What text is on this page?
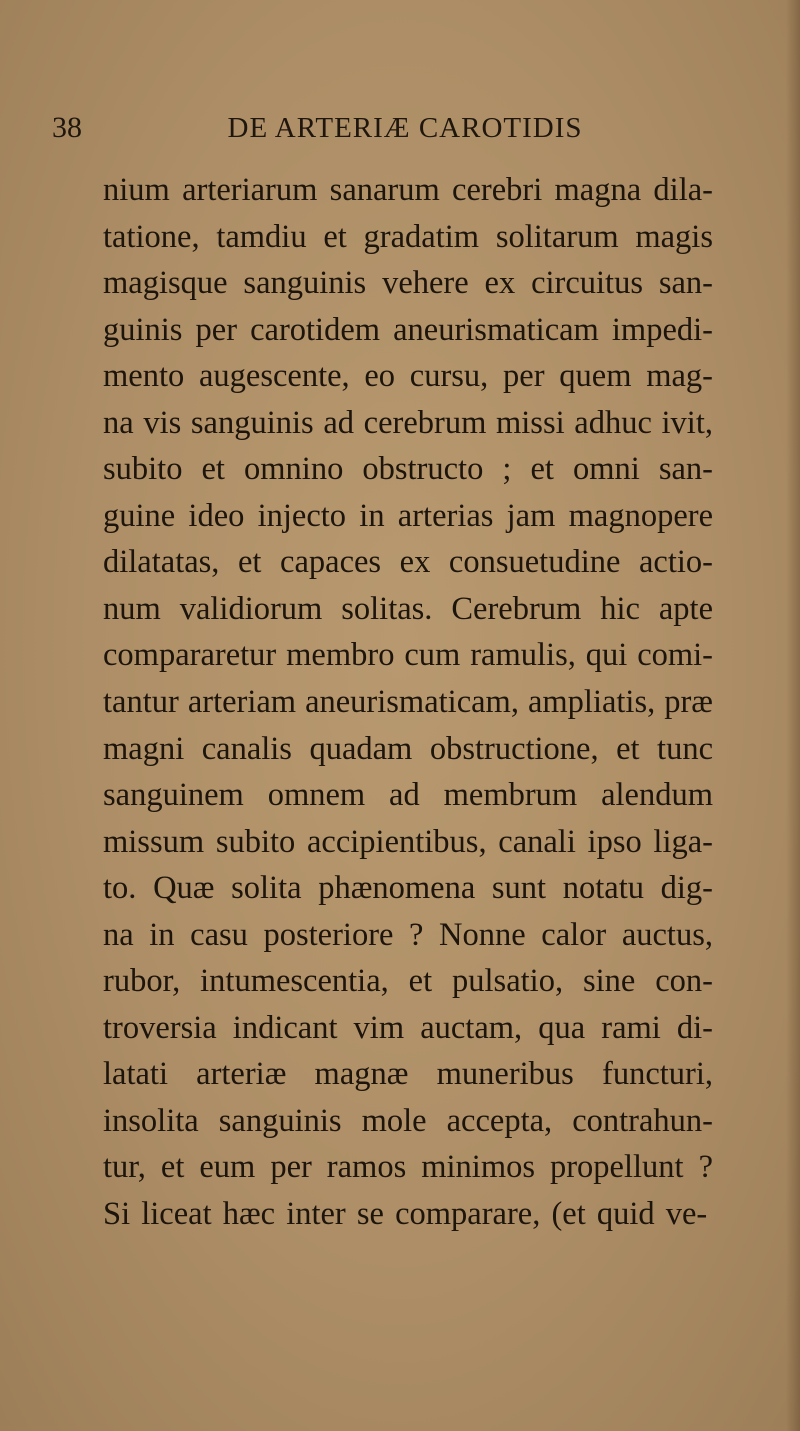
38	DE ARTERIÆ CAROTIDIS
nium arteriarum sanarum cerebri magna dila-
tatione, tamdiu et gradatim solitarum magis
magisque sanguinis vehere ex circuitus san-
guinis per carotidem aneurismaticam impedi-
mento augescente, eo cursu, per quem mag-
na vis sanguinis ad cerebrum missi adhuc ivit,
subito et omnino obstructo ; et omni san-
guine ideo injecto in arterias jam magnopere
dilatatas, et capaces ex consuetudine actio-
num validiorum solitas. Cerebrum hic apte
compararetur membro cum ramulis, qui comi-
tantur arteriam aneurismaticam, ampliatis, præ
magni canalis quadam obstructione, et tunc
sanguinem omnem ad membrum alendum
missum subito accipientibus, canali ipso liga-
to. Quæ solita phænomena sunt notatu dig-
na in casu posteriore ? Nonne calor auctus,
rubor, intumescentia, et pulsatio, sine con-
troversia indicant vim auctam, qua rami di-
latati arteriæ magnæ muneribus functuri,
insolita sanguinis mole accepta, contrahun-
tur, et eum per ramos minimos propellunt ?
Si liceat hæc inter se comparare, (et quid ve-
